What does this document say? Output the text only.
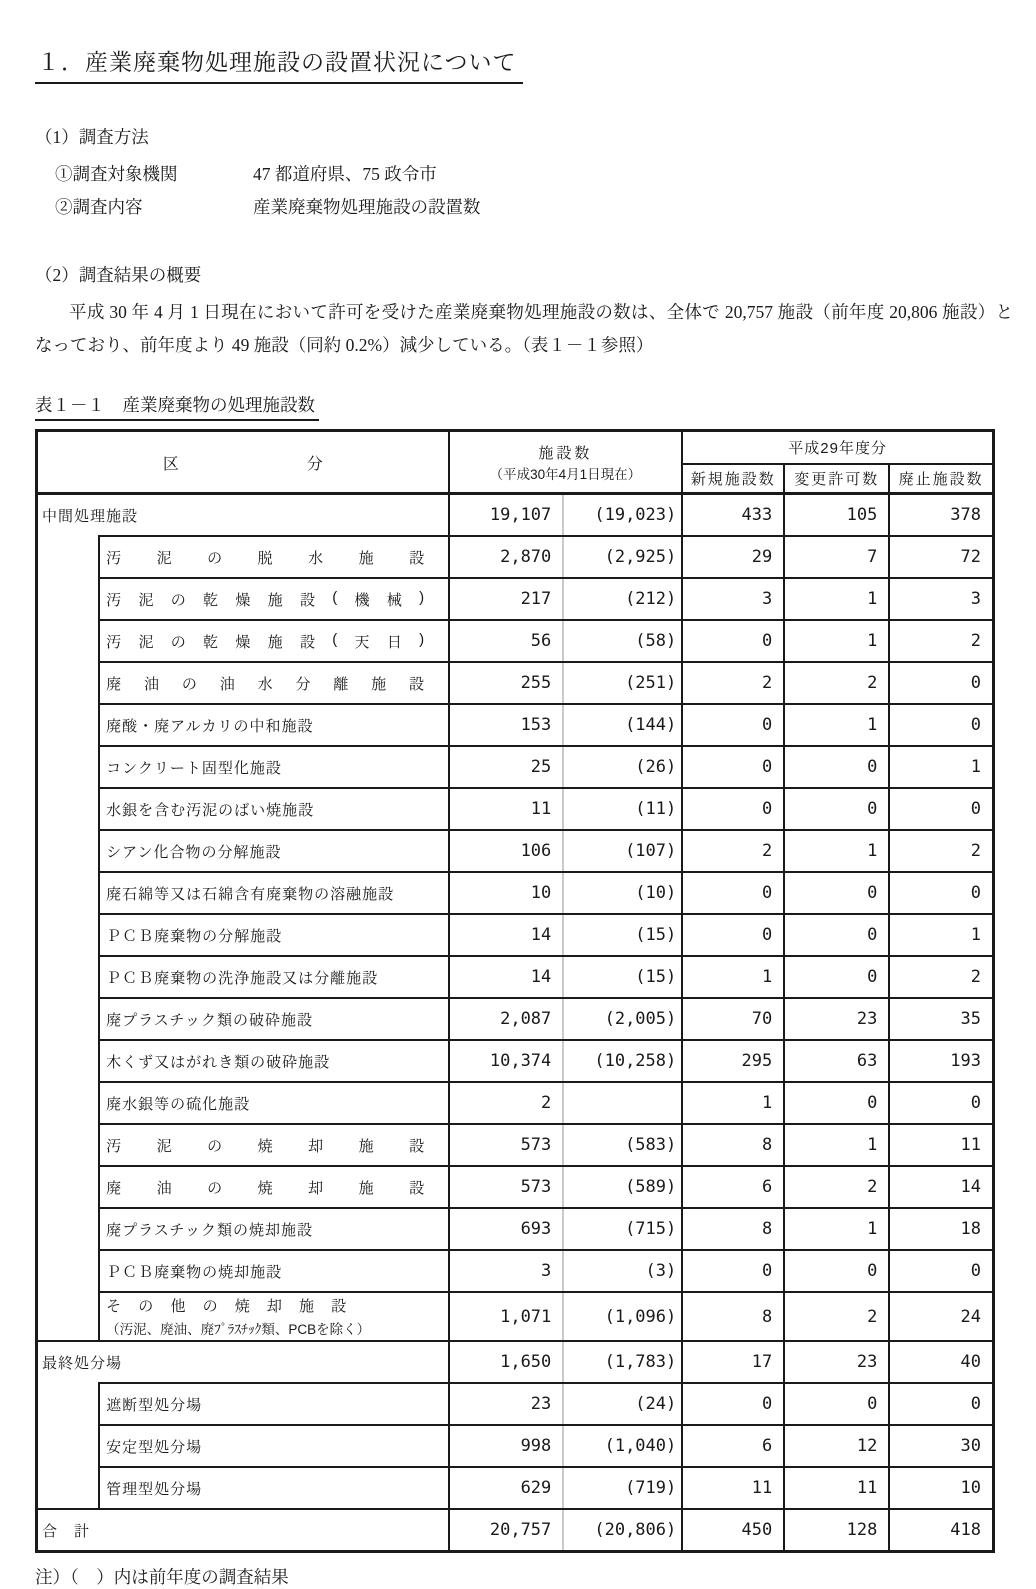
１．産業廃棄物処理施設の設置状況について
（1）調査方法
①調査対象機関	47 都道府県、75 政令市
②調査内容	産業廃棄物処理施設の設置数
（2）調査結果の概要

平成 30 年 4 月 1 日現在において許可を受けた産業廃棄物処理施設の数は、全体で 20,757 施設（前年度 20,806 施設）となっており、前年度より 49 施設（同約 0.2%）減少している。（表１－１参照）

表１－１　産業廃棄物の処理施設数
区 分		施設数
（平成30年4月1日現在）		平成29年度分		
				新規施設数	変更許可数	廃止施設数
中間処理施設		19,107	(19,023)	433	105	378

汚 泥 の 脱 水 施 設	2,870	(2,925)	29	7	72

汚 泥 の 乾 燥 施 設 ( 機 械 )	217	(212)	3	1	3

汚 泥 の 乾 燥 施 設 ( 天 日 )	56	(58)	0	1	2

廃 油 の 油 水 分 離 施 設	255	(251)	2	2	0
	廃酸・廃アルカリの中和施設	153	(144)	0	1	0
	コンクリート固型化施設	25	(26)	0	0	1
	水銀を含む汚泥のばい焼施設	11	(11)	0	0	0
	シアン化合物の分解施設	106	(107)	2	1	2
	廃石綿等又は石綿含有廃棄物の溶融施設	10	(10)	0	0	0
	ＰＣＢ廃棄物の分解施設	14	(15)	0	0	1
	ＰＣＢ廃棄物の洗浄施設又は分離施設	14	(15)	1	0	2
	廃プラスチック類の破砕施設	2,087	(2,005)	70	23	35
	木くず又はがれき類の破砕施設	10,374	(10,258)	295	63	193
	廃水銀等の硫化施設	2		1	0	0

汚 泥 の 焼 却 施 設	573	(583)	8	1	11

廃 油 の 焼 却 施 設	573	(589)	6	2	14
	廃プラスチック類の焼却施設	693	(715)	8	1	18
	ＰＣＢ廃棄物の焼却施設	3	(3)	0	0	0

そ の 他 の 焼 却 施 設
（汚泥、廃油、廃ﾌﾟﾗｽﾁｯｸ類、PCBを除く）
	1,071	(1,096)	8	2	24
最終処分場		1,650	(1,783)	17	23	40
	遮断型処分場	23	(24)	0	0	0
	安定型処分場	998	(1,040)	6	12	30
	管理型処分場	629	(719)	11	11	10
合　計		20,757	(20,806)	450	128	418
注）（　）内は前年度の調査結果
